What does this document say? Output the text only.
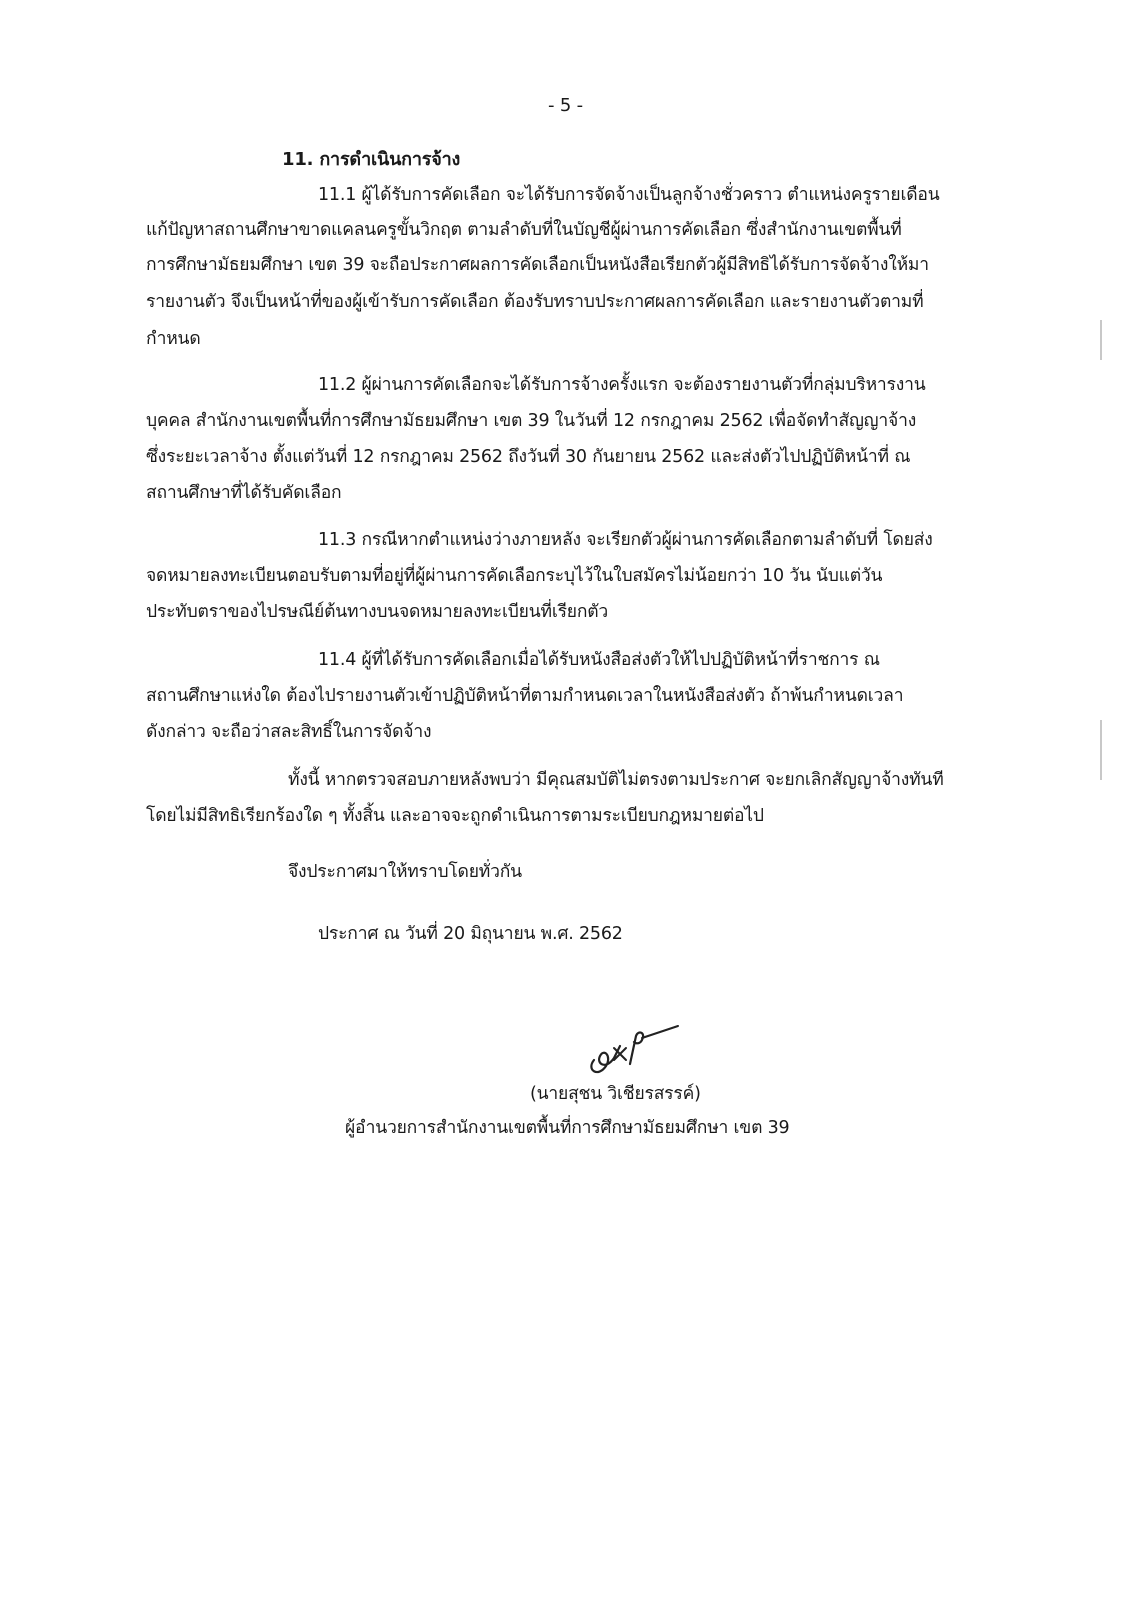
- 5 -
11. การดำเนินการจ้าง
11.1 ผู้ได้รับการคัดเลือก จะได้รับการจัดจ้างเป็นลูกจ้างชั่วคราว ตำแหน่งครูรายเดือน
แก้ปัญหาสถานศึกษาขาดแคลนครูขั้นวิกฤต ตามลำดับที่ในบัญชีผู้ผ่านการคัดเลือก ซึ่งสำนักงานเขตพื้นที่
การศึกษามัธยมศึกษา เขต 39 จะถือประกาศผลการคัดเลือกเป็นหนังสือเรียกตัวผู้มีสิทธิได้รับการจัดจ้างให้มา
รายงานตัว จึงเป็นหน้าที่ของผู้เข้ารับการคัดเลือก ต้องรับทราบประกาศผลการคัดเลือก และรายงานตัวตามที่
กำหนด
11.2 ผู้ผ่านการคัดเลือกจะได้รับการจ้างครั้งแรก จะต้องรายงานตัวที่กลุ่มบริหารงาน
บุคคล สำนักงานเขตพื้นที่การศึกษามัธยมศึกษา เขต 39 ในวันที่ 12 กรกฎาคม 2562 เพื่อจัดทำสัญญาจ้าง
ซึ่งระยะเวลาจ้าง ตั้งแต่วันที่ 12 กรกฎาคม 2562 ถึงวันที่ 30 กันยายน 2562 และส่งตัวไปปฏิบัติหน้าที่ ณ
สถานศึกษาที่ได้รับคัดเลือก
11.3 กรณีหากตำแหน่งว่างภายหลัง จะเรียกตัวผู้ผ่านการคัดเลือกตามลำดับที่ โดยส่ง
จดหมายลงทะเบียนตอบรับตามที่อยู่ที่ผู้ผ่านการคัดเลือกระบุไว้ในใบสมัครไม่น้อยกว่า 10 วัน นับแต่วัน
ประทับตราของไปรษณีย์ต้นทางบนจดหมายลงทะเบียนที่เรียกตัว
11.4 ผู้ที่ได้รับการคัดเลือกเมื่อได้รับหนังสือส่งตัวให้ไปปฏิบัติหน้าที่ราชการ ณ
สถานศึกษาแห่งใด ต้องไปรายงานตัวเข้าปฏิบัติหน้าที่ตามกำหนดเวลาในหนังสือส่งตัว ถ้าพ้นกำหนดเวลา
ดังกล่าว จะถือว่าสละสิทธิ์ในการจัดจ้าง
ทั้งนี้ หากตรวจสอบภายหลังพบว่า มีคุณสมบัติไม่ตรงตามประกาศ จะยกเลิกสัญญาจ้างทันที
โดยไม่มีสิทธิเรียกร้องใด ๆ ทั้งสิ้น และอาจจะถูกดำเนินการตามระเบียบกฎหมายต่อไป
จึงประกาศมาให้ทราบโดยทั่วกัน
ประกาศ ณ วันที่ 20 มิถุนายน พ.ศ. 2562
(นายสุชน วิเชียรสรรค์)
ผู้อำนวยการสำนักงานเขตพื้นที่การศึกษามัธยมศึกษา เขต 39
